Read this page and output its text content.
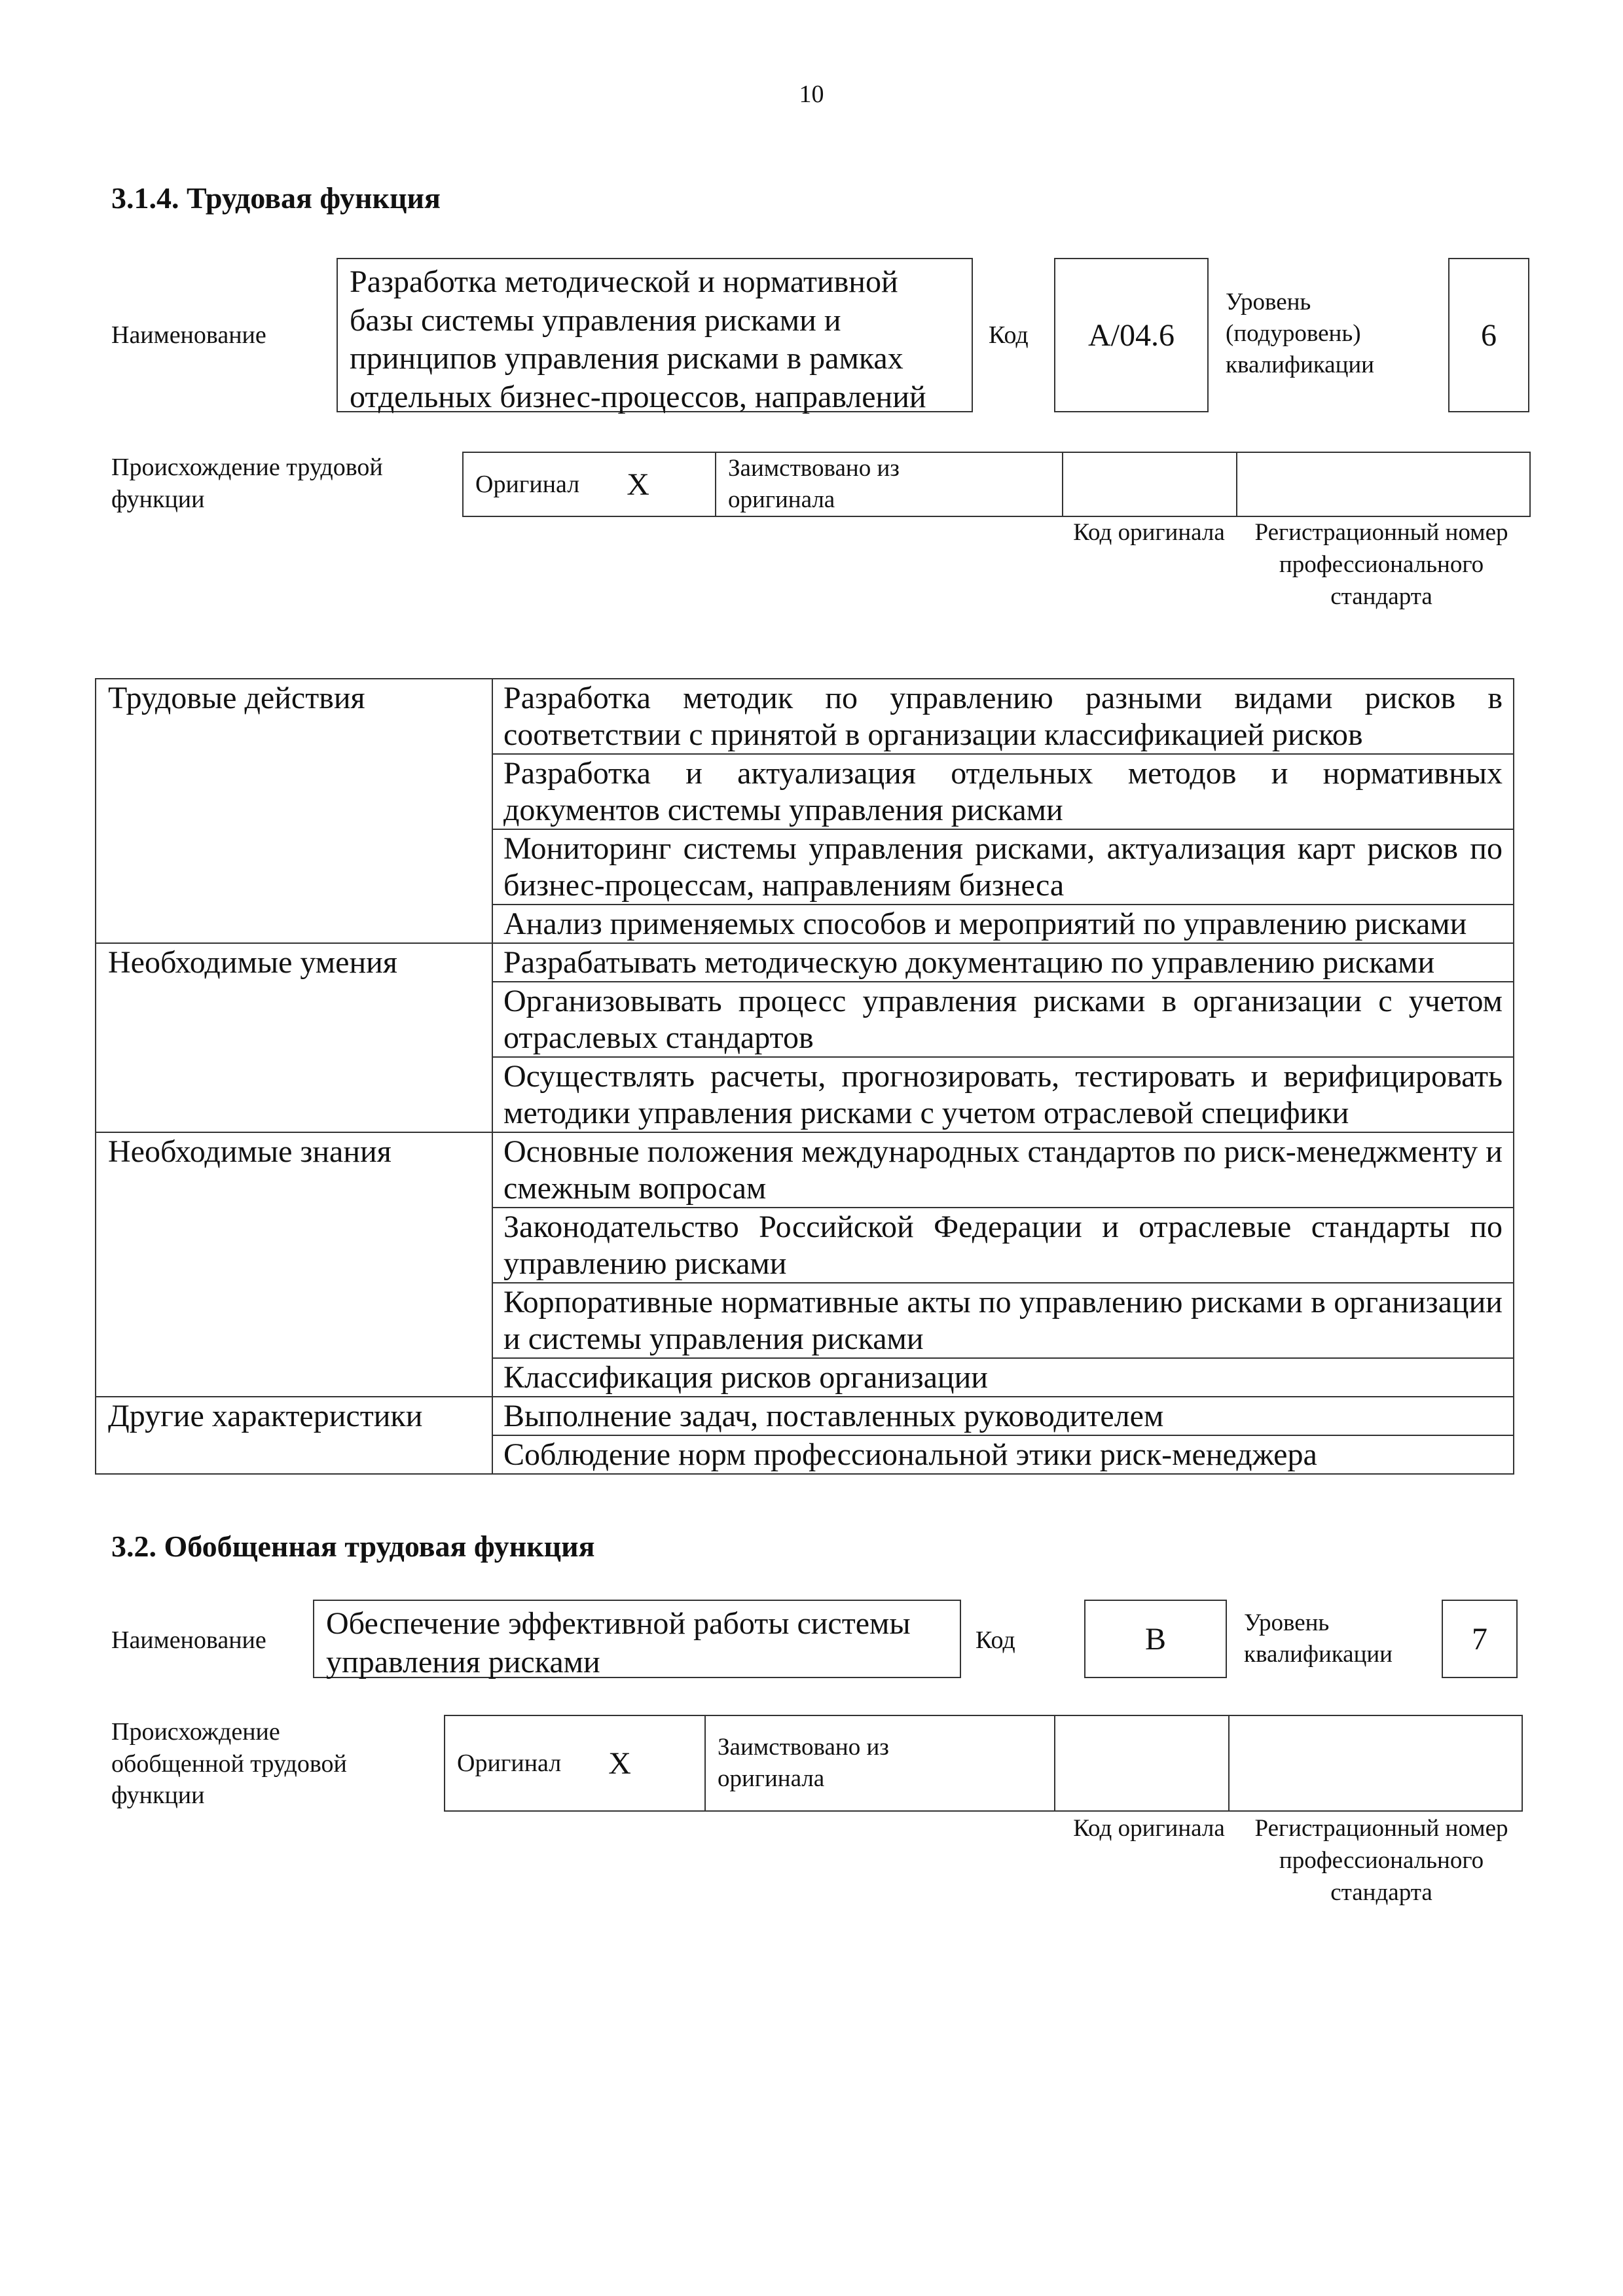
10
3.1.4. Трудовая функция
Наименование
Разработка методической и нормативной базы системы управления рисками и принципов управления рисками в рамках отдельных бизнес-процессов, направлений
Код	A/04.6
Уровень (подуровень) квалификации
6
Происхождение трудовой функции
Оригинал X	Заимствовано из оригинала
Код оригинала	Регистрационный номер профессионального стандарта
Трудовые действия	Разработка методик по управлению разными видами рисков в соответствии с принятой в организации классификацией рисков
	Разработка и актуализация отдельных методов и нормативных документов системы управления рисками
	Мониторинг системы управления рисками, актуализация карт рисков по бизнес-процессам, направлениям бизнеса
	Анализ применяемых способов и мероприятий по управлению рисками
Необходимые умения	Разрабатывать методическую документацию по управлению рисками
	Организовывать процесс управления рисками в организации с учетом отраслевых стандартов
	Осуществлять расчеты, прогнозировать, тестировать и верифицировать методики управления рисками с учетом отраслевой специфики
Необходимые знания	Основные положения международных стандартов по риск-менеджменту и смежным вопросам
	Законодательство Российской Федерации и отраслевые стандарты по управлению рисками
	Корпоративные нормативные акты по управлению рисками в организации и системы управления рисками
	Классификация рисков организации
Другие характеристики	Выполнение задач, поставленных руководителем
	Соблюдение норм профессиональной этики риск-менеджера
3.2. Обобщенная трудовая функция
Наименование	Обеспечение эффективной работы системы управления рисками
Код	B	Уровень квалификации	7
Происхождение обобщенной трудовой функции
Оригинал X	Заимствовано из оригинала
Код оригинала	Регистрационный номер профессионального стандарта
